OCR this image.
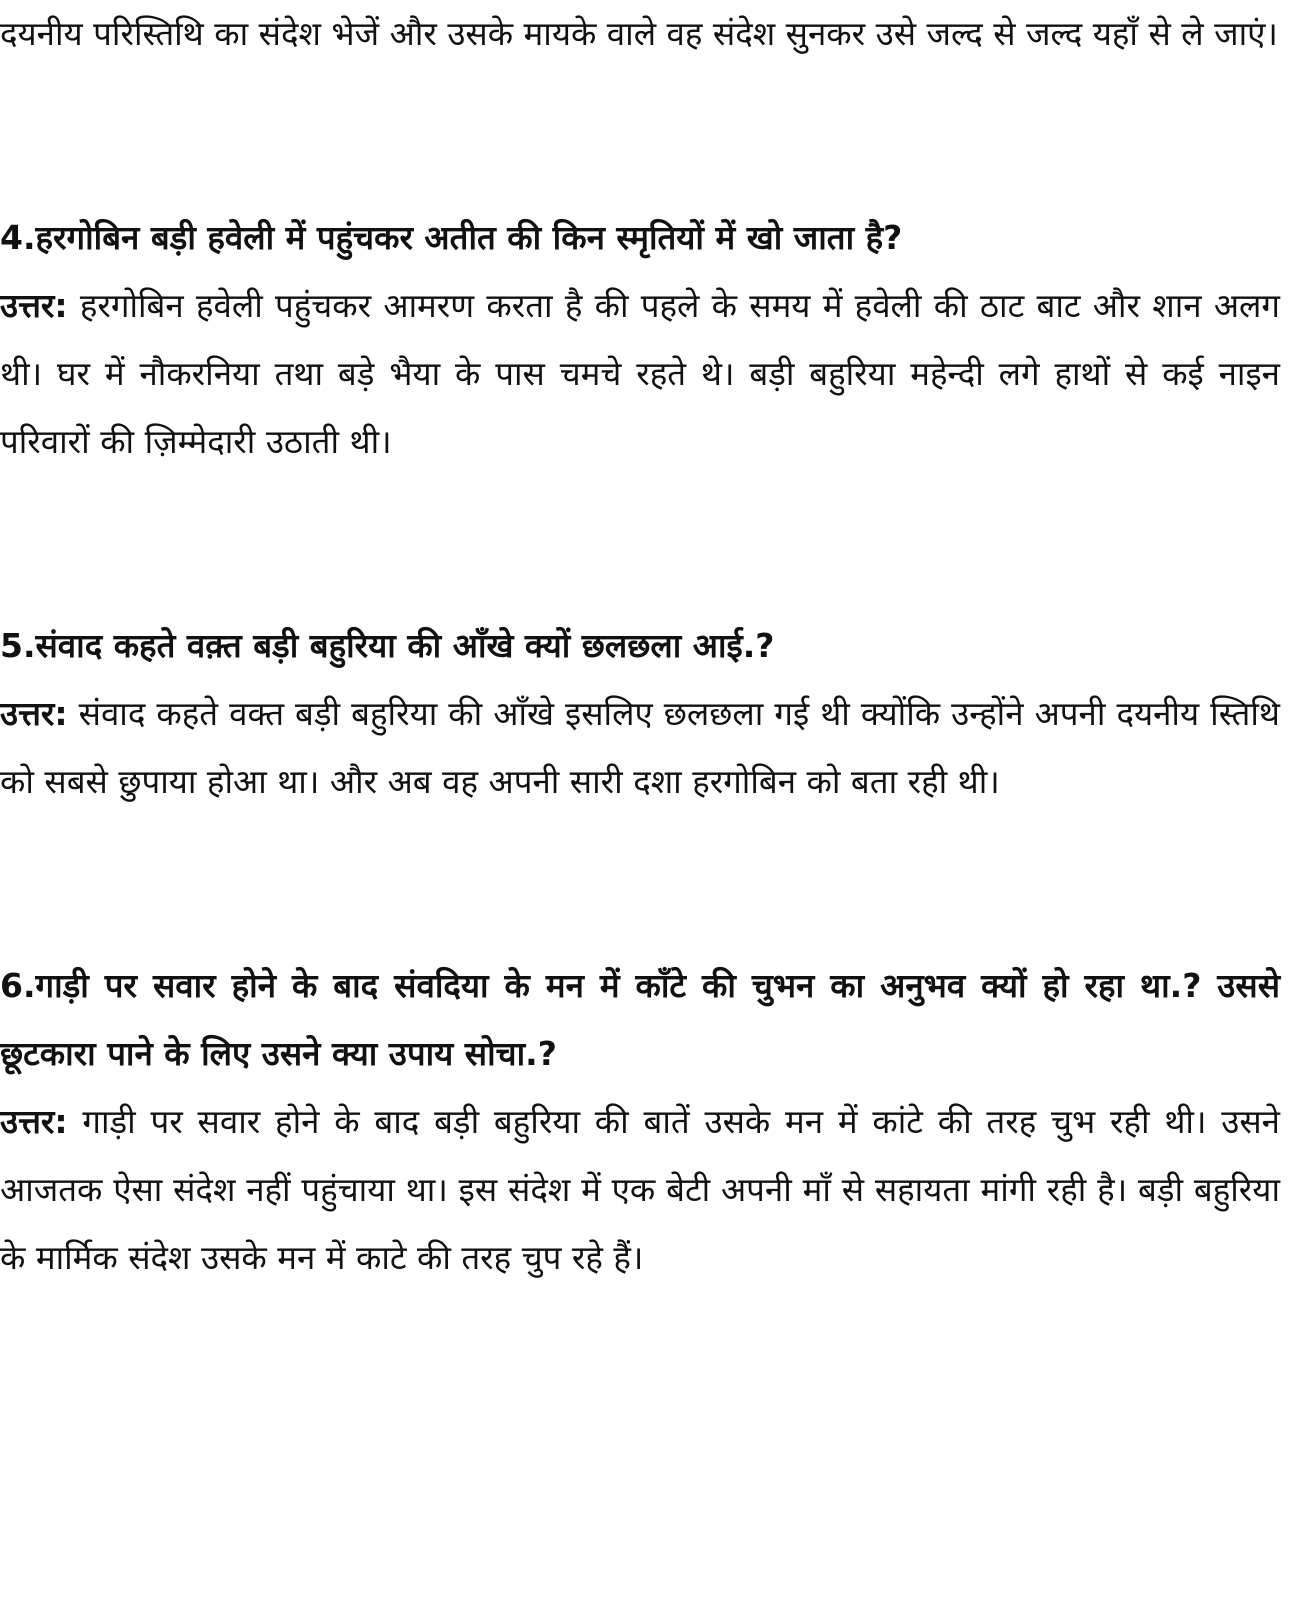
दयनीय परिस्तिथि का संदेश भेजें और उसके मायके वाले वह संदेश सुनकर उसे जल्द से जल्द यहाँ से ले जाएं।

4.हरगोबिन बड़ी हवेली में पहुंचकर अतीत की किन स्मृतियों में खो जाता है?

उत्तर: हरगोबिन हवेली पहुंचकर आमरण करता है की पहले के समय में हवेली की ठाट बाट और शान अलग थी। घर में नौकरनिया तथा बड़े भैया के पास चमचे रहते थे। बड़ी बहुरिया महेन्दी लगे हाथों से कई नाइन परिवारों की ज़िम्मेदारी उठाती थी।

5.संवाद कहते वक़्त बड़ी बहुरिया की आँखे क्यों छलछला आई.?

उत्तर: संवाद कहते वक्त बड़ी बहुरिया की आँखे इसलिए छलछला गई थी क्योंकि उन्होंने अपनी दयनीय स्तिथि को सबसे छुपाया होआ था। और अब वह अपनी सारी दशा हरगोबिन को बता रही थी।

6.गाड़ी पर सवार होने के बाद संवदिया के मन में काँटे की चुभन का अनुभव क्यों हो रहा था.? उससे छूटकारा पाने के लिए उसने क्या उपाय सोचा.?

उत्तर: गाड़ी पर सवार होने के बाद बड़ी बहुरिया की बातें उसके मन में कांटे की तरह चुभ रही थी। उसने आजतक ऐसा संदेश नहीं पहुंचाया था। इस संदेश में एक बेटी अपनी माँ से सहायता मांगी रही है। बड़ी बहुरिया के मार्मिक संदेश उसके मन में काटे की तरह चुप रहे हैं।
